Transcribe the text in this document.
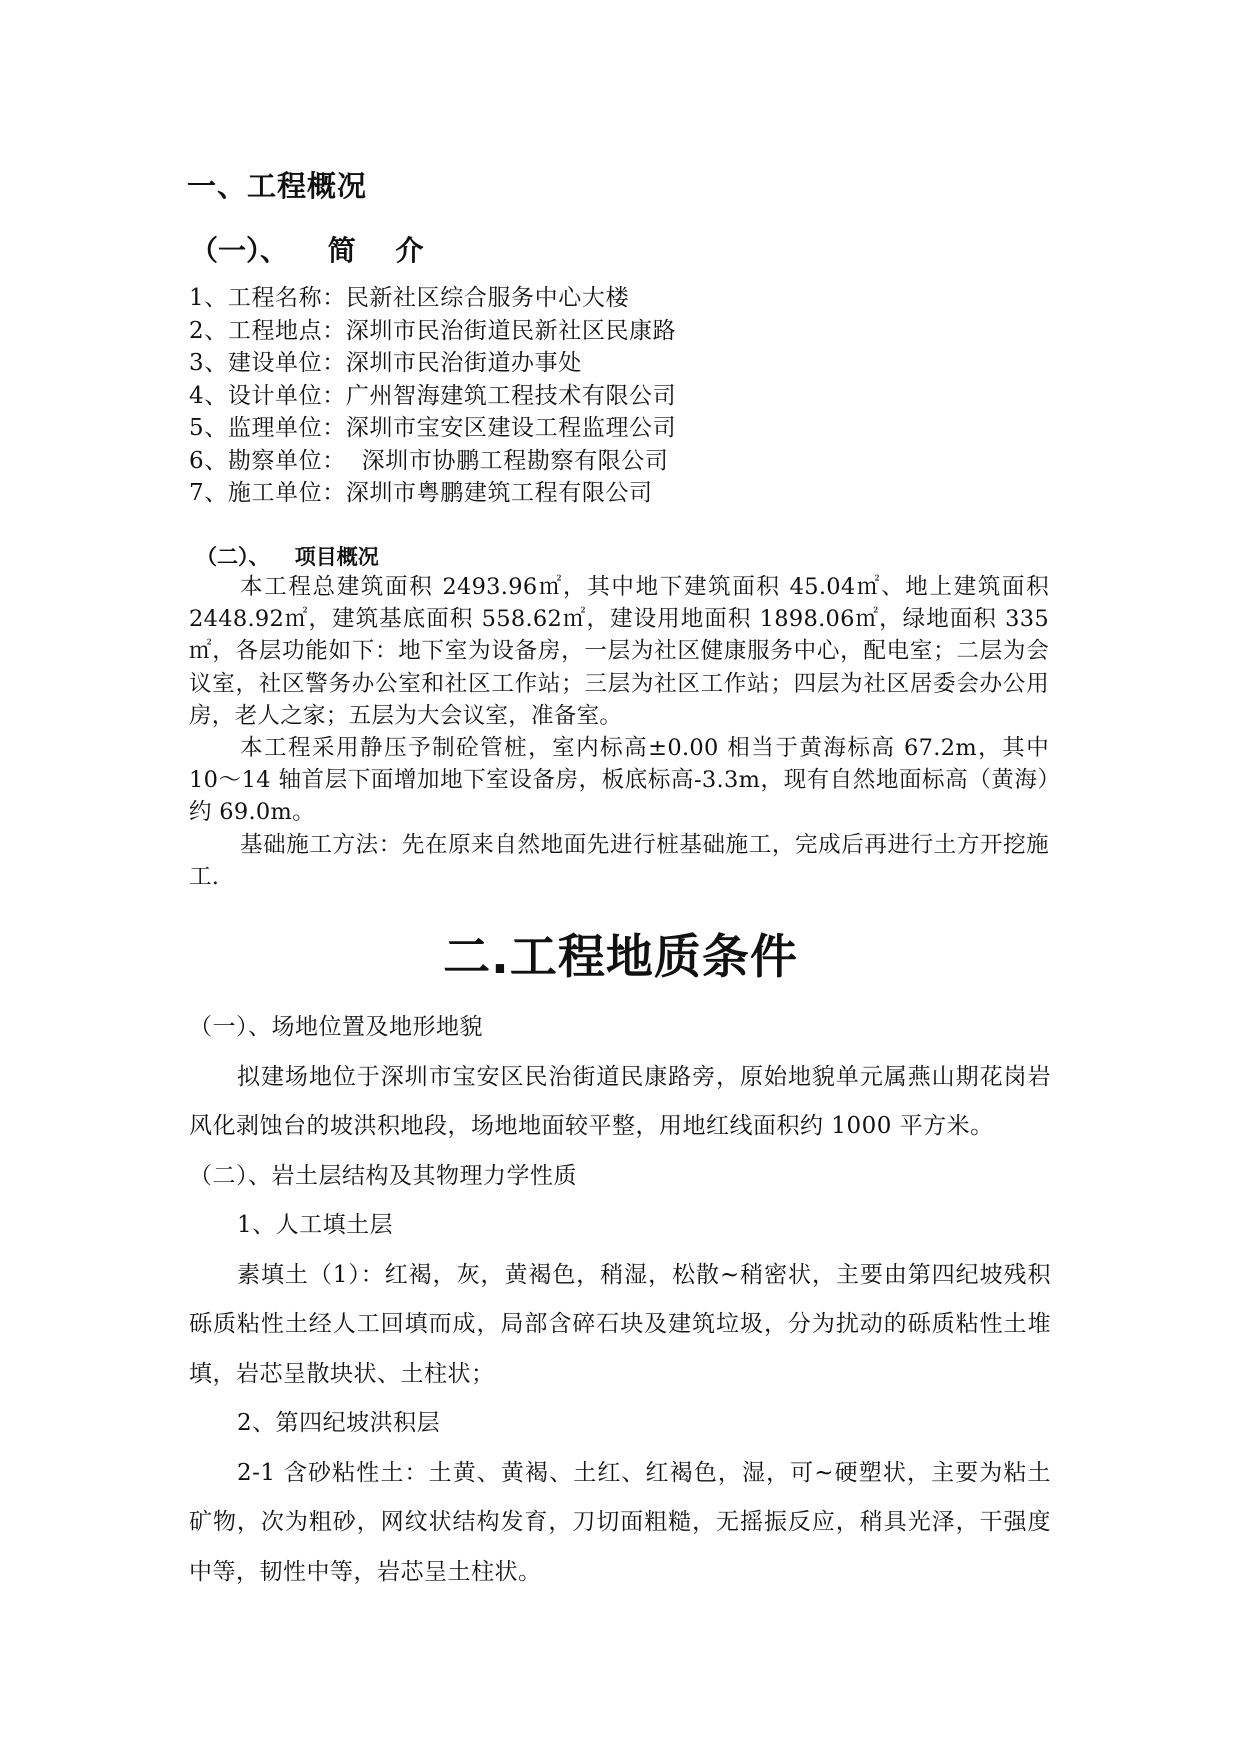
一、工程概况
（一）、 简 介
1、工程名称：民新社区综合服务中心大楼
2、工程地点：深圳市民治街道民新社区民康路
3、建设单位：深圳市民治街道办事处
4、设计单位：广州智海建筑工程技术有限公司
5、监理单位：深圳市宝安区建设工程监理公司
6、勘察单位：  深圳市协鹏工程勘察有限公司
7、施工单位：深圳市粤鹏建筑工程有限公司
（二）、 项目概况

本工程总建筑面积 2493.96㎡，其中地下建筑面积 45.04㎡、地上建筑面积 2448.92㎡，建筑基底面积 558.62㎡，建设用地面积 1898.06㎡，绿地面积 335㎡，各层功能如下：地下室为设备房，一层为社区健康服务中心，配电室；二层为会议室，社区警务办公室和社区工作站；三层为社区工作站；四层为社区居委会办公用房，老人之家；五层为大会议室，准备室。

本工程采用静压予制砼管桩，室内标高±0.00 相当于黄海标高 67.2m，其中 10～14 轴首层下面增加地下室设备房，板底标高-3.3m，现有自然地面标高（黄海）约 69.0m。

基础施工方法：先在原来自然地面先进行桩基础施工，完成后再进行土方开挖施工.

二.工程地质条件
（一）、场地位置及地形地貌
拟建场地位于深圳市宝安区民治街道民康路旁，原始地貌单元属燕山期花岗岩风化剥蚀台的坡洪积地段，场地地面较平整，用地红线面积约 1000 平方米。
（二）、岩土层结构及其物理力学性质
1、人工填土层
素填土（1）：红褐，灰，黄褐色，稍湿，松散~稍密状，主要由第四纪坡残积砾质粘性土经人工回填而成，局部含碎石块及建筑垃圾，分为扰动的砾质粘性土堆填，岩芯呈散块状、土柱状；
2、第四纪坡洪积层
2-1 含砂粘性土：土黄、黄褐、土红、红褐色，湿，可~硬塑状，主要为粘土矿物，次为粗砂，网纹状结构发育，刀切面粗糙，无摇振反应，稍具光泽，干强度中等，韧性中等，岩芯呈土柱状。
